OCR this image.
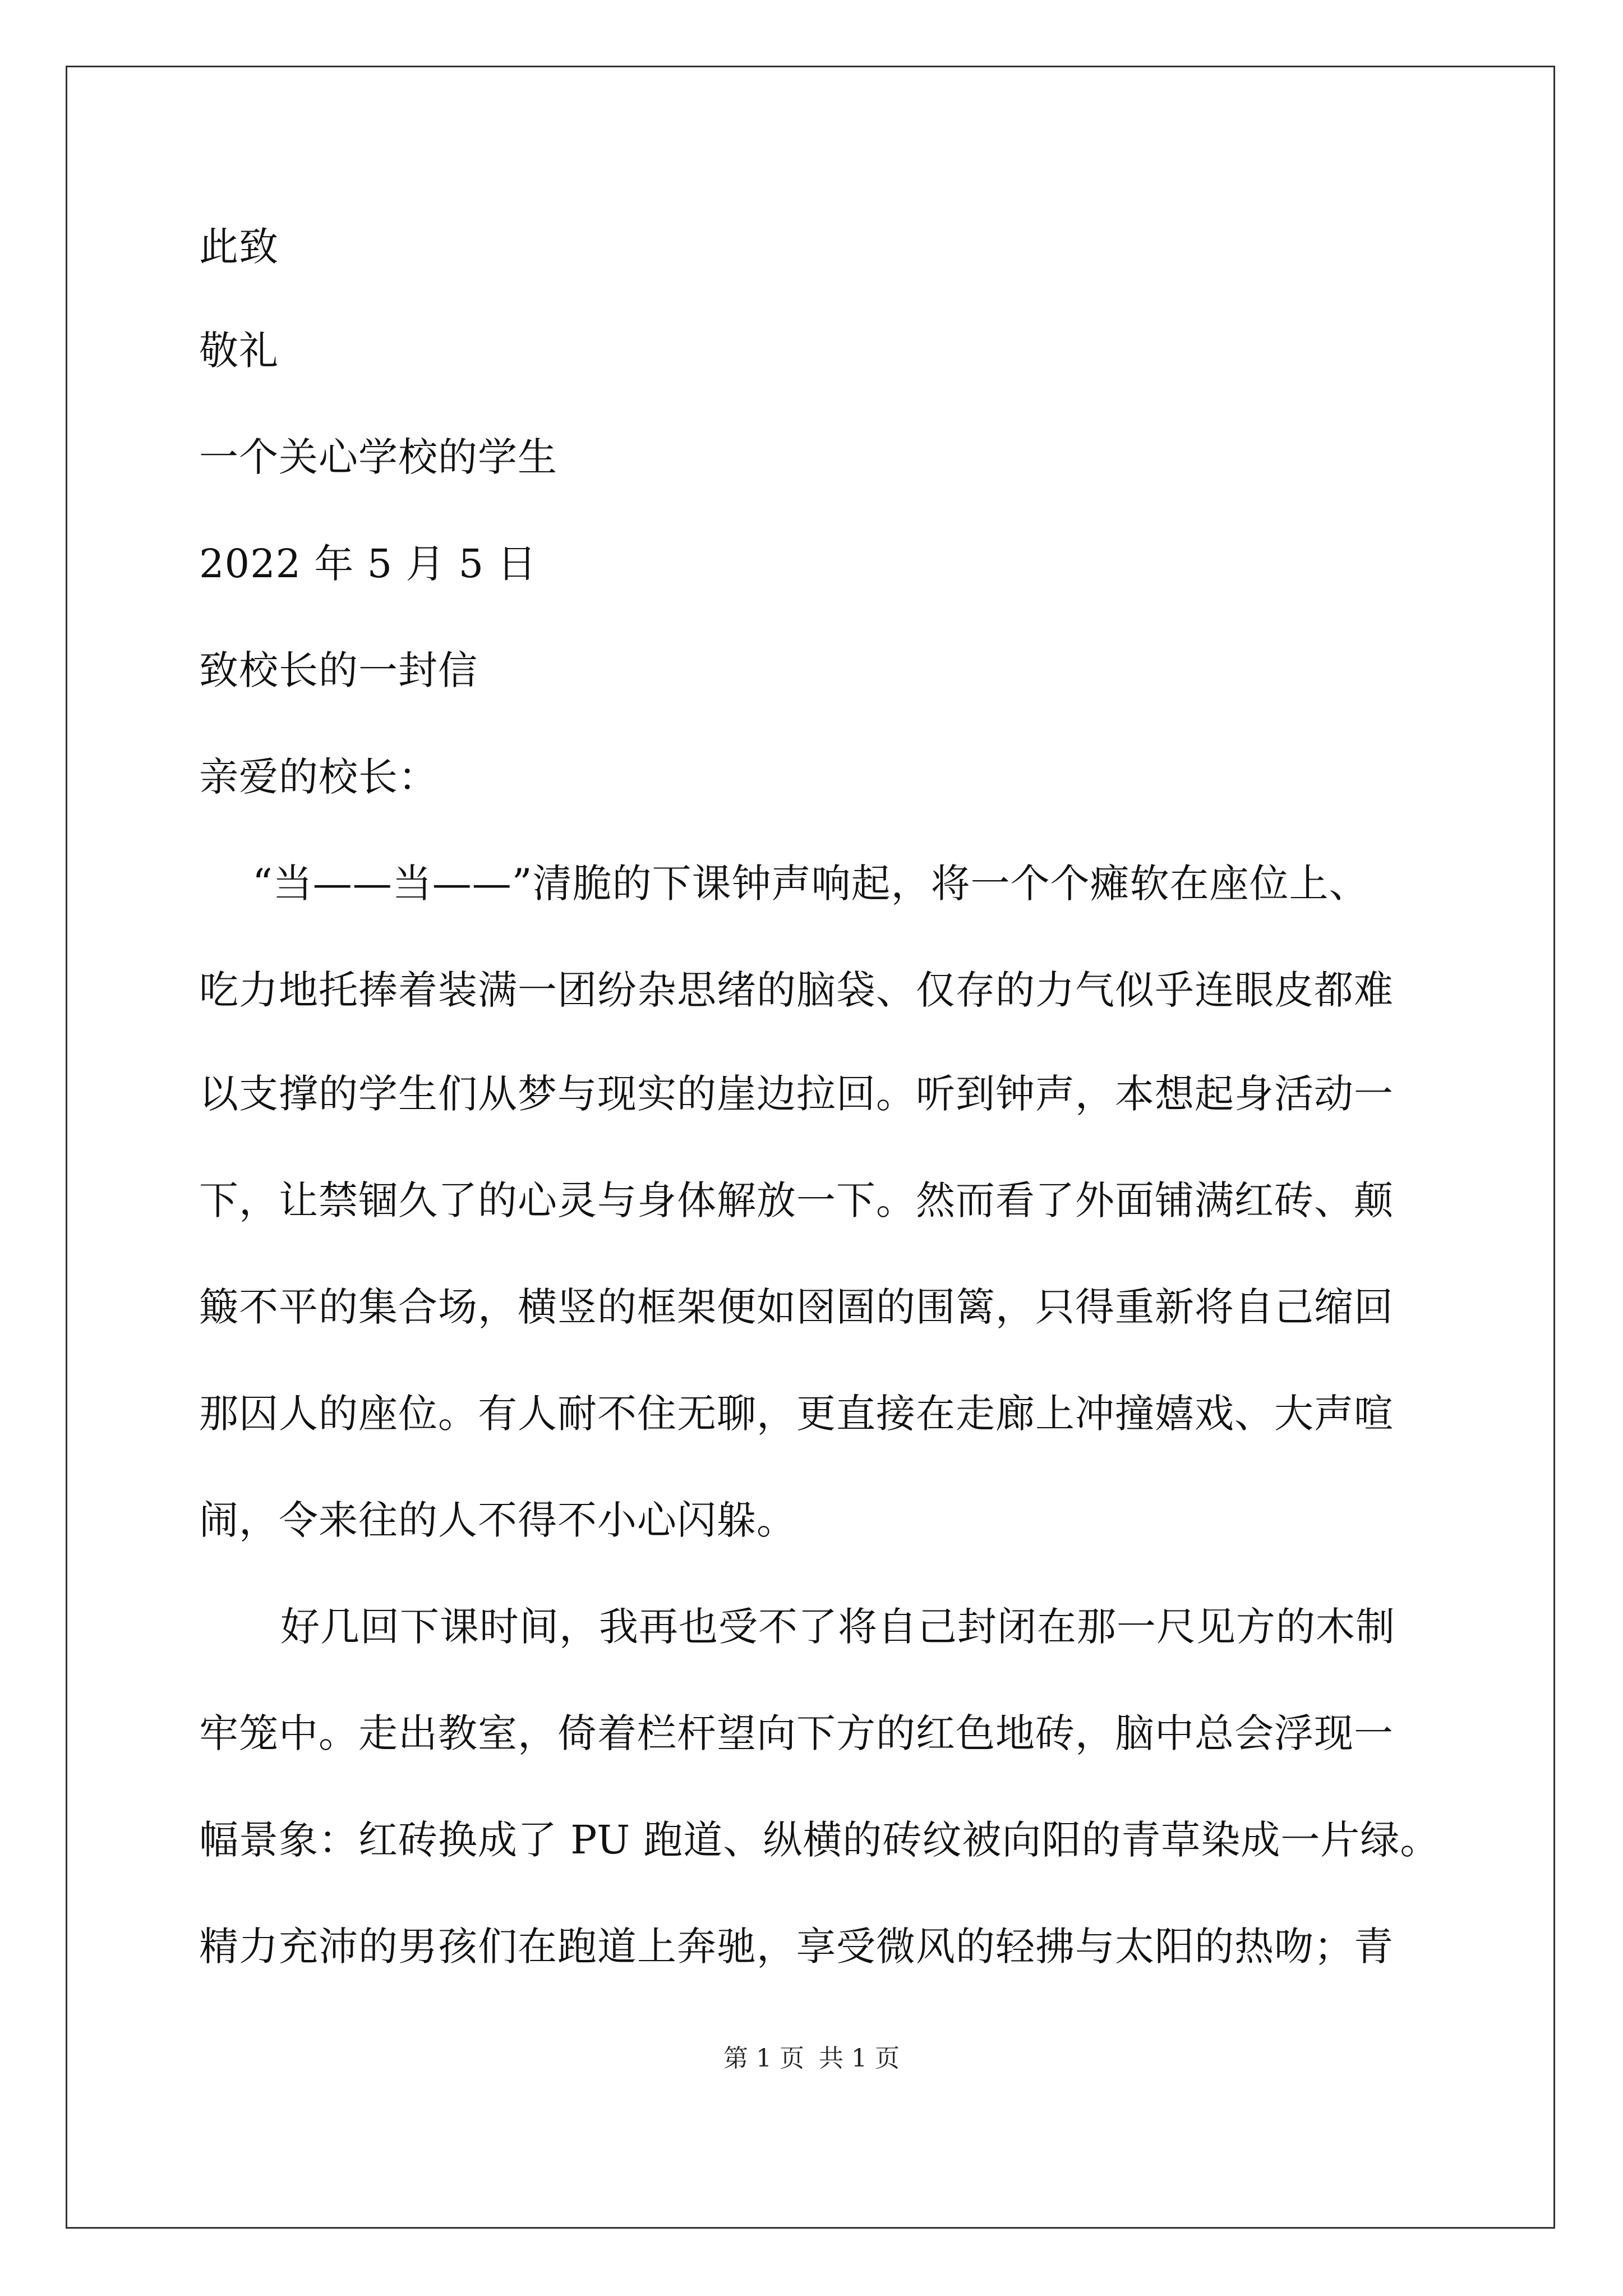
此致
敬礼
一个关心学校的学生
2022 年 5 月 5 日
致校长的一封信
亲爱的校长：
“当——当——”清脆的下课钟声响起，将一个个瘫软在座位上、
吃力地托捧着装满一团纷杂思绪的脑袋、仅存的力气似乎连眼皮都难
以支撑的学生们从梦与现实的崖边拉回。听到钟声，本想起身活动一
下，让禁锢久了的心灵与身体解放一下。然而看了外面铺满红砖、颠
簸不平的集合场，横竖的框架便如囹圄的围篱，只得重新将自己缩回
那囚人的座位。有人耐不住无聊，更直接在走廊上冲撞嬉戏、大声喧
闹，令来往的人不得不小心闪躲。
好几回下课时间，我再也受不了将自己封闭在那一尺见方的木制
牢笼中。走出教室，倚着栏杆望向下方的红色地砖，脑中总会浮现一
幅景象：红砖换成了 PU 跑道、纵横的砖纹被向阳的青草染成一片绿。
精力充沛的男孩们在跑道上奔驰，享受微风的轻拂与太阳的热吻；青
第 1 页 共 1 页
